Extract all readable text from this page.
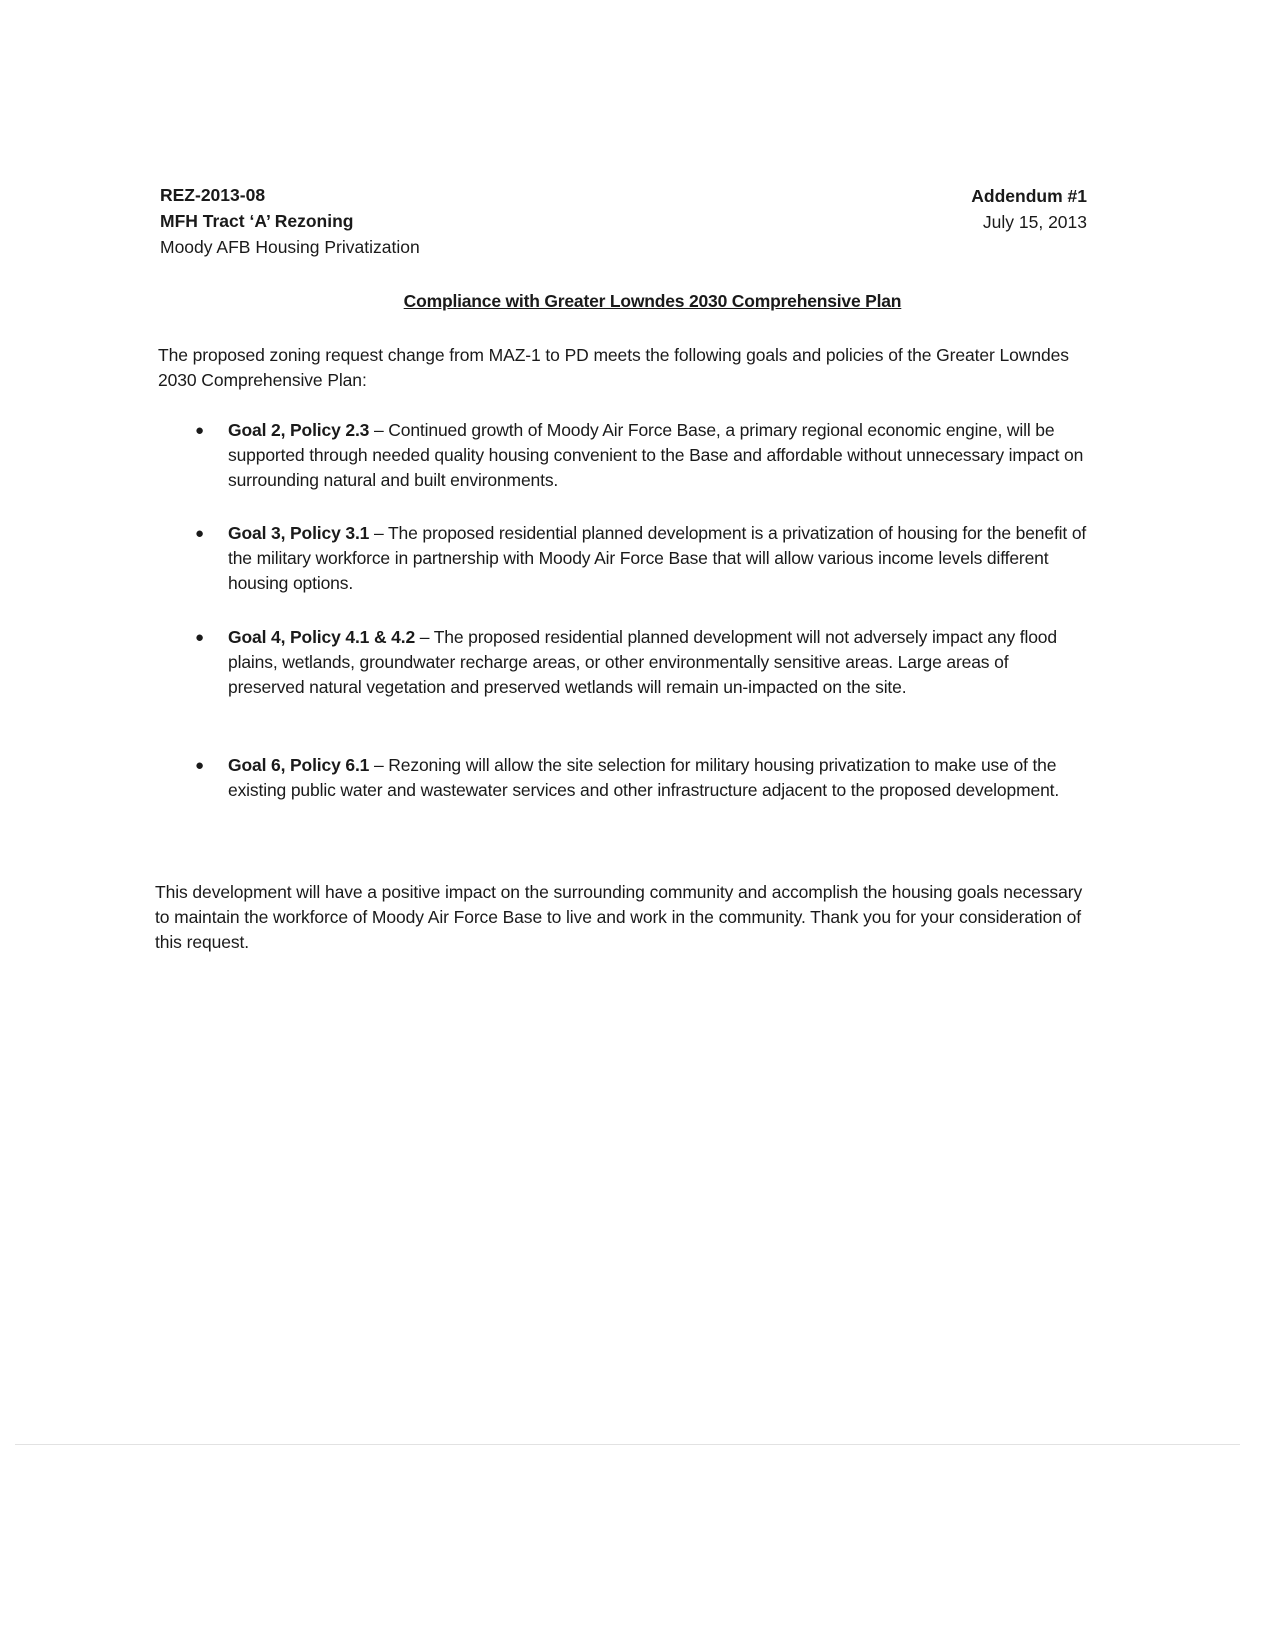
REZ-2013-08
MFH Tract ‘A’ Rezoning
Moody AFB Housing Privatization
Addendum #1
July 15, 2013
Compliance with Greater Lowndes 2030 Comprehensive Plan
The proposed zoning request change from MAZ-1 to PD meets the following goals and policies of the Greater Lowndes 2030 Comprehensive Plan:
● Goal 2, Policy 2.3 – Continued growth of Moody Air Force Base, a primary regional economic engine, will be supported through needed quality housing convenient to the Base and affordable without unnecessary impact on surrounding natural and built environments.
● Goal 3, Policy 3.1 – The proposed residential planned development is a privatization of housing for the benefit of the military workforce in partnership with Moody Air Force Base that will allow various income levels different housing options.
● Goal 4, Policy 4.1 & 4.2 – The proposed residential planned development will not adversely impact any flood plains, wetlands, groundwater recharge areas, or other environmentally sensitive areas. Large areas of preserved natural vegetation and preserved wetlands will remain un-impacted on the site.
● Goal 6, Policy 6.1 – Rezoning will allow the site selection for military housing privatization to make use of the existing public water and wastewater services and other infrastructure adjacent to the proposed development.
This development will have a positive impact on the surrounding community and accomplish the housing goals necessary to maintain the workforce of Moody Air Force Base to live and work in the community. Thank you for your consideration of this request.
